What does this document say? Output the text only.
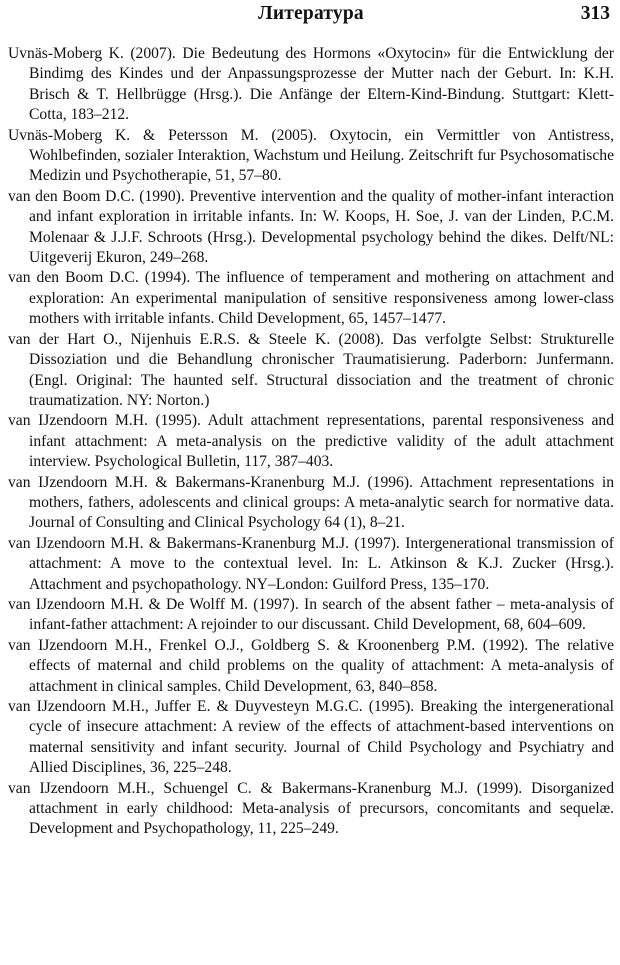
Литература	313
Uvnäs-Moberg K. (2007). Die Bedeutung des Hormons «Oxytocin» für die Entwicklung der Bindimg des Kindes und der Anpassungsprozesse der Mutter nach der Geburt. In: K.H. Brisch & T. Hellbrügge (Hrsg.). Die Anfänge der Eltern-Kind-Bindung. Stuttgart: Klett-Cotta, 183–212.
Uvnäs-Moberg K. & Petersson M. (2005). Oxytocin, ein Vermittler von Antistress, Wohlbefinden, sozialer Interaktion, Wachstum und Heilung. Zeitschrift fur Psychosomatische Medizin und Psychotherapie, 51, 57–80.
van den Boom D.C. (1990). Preventive intervention and the quality of mother-infant interaction and infant exploration in irritable infants. In: W. Koops, H. Soe, J. van der Linden, P.C.M. Molenaar & J.J.F. Schroots (Hrsg.). Developmental psychology behind the dikes. Delft/NL: Uitgeverij Ekuron, 249–268.
van den Boom D.C. (1994). The influence of temperament and mothering on attachment and exploration: An experimental manipulation of sensitive responsiveness among lower-class mothers with irritable infants. Child Development, 65, 1457–1477.
van der Hart O., Nijenhuis E.R.S. & Steele K. (2008). Das verfolgte Selbst: Strukturelle Dissoziation und die Behandlung chronischer Traumatisierung. Paderborn: Junfermann. (Engl. Original: The haunted self. Structural dissociation and the treatment of chronic traumatization. NY: Norton.)
van IJzendoorn M.H. (1995). Adult attachment representations, parental responsiveness and infant attachment: A meta-analysis on the predictive validity of the adult attachment interview. Psychological Bulletin, 117, 387–403.
van IJzendoorn M.H. & Bakermans-Kranenburg M.J. (1996). Attachment representations in mothers, fathers, adolescents and clinical groups: A meta-analytic search for normative data. Journal of Consulting and Clinical Psychology 64 (1), 8–21.
van IJzendoorn M.H. & Bakermans-Kranenburg M.J. (1997). Intergenerational transmission of attachment: A move to the contextual level. In: L. Atkinson & K.J. Zucker (Hrsg.). Attachment and psychopathology. NY–London: Guilford Press, 135–170.
van IJzendoorn M.H. & De Wolff M. (1997). In search of the absent father – meta-analysis of infant-father attachment: A rejoinder to our discussant. Child Development, 68, 604–609.
van IJzendoorn M.H., Frenkel O.J., Goldberg S. & Kroonenberg P.M. (1992). The relative effects of maternal and child problems on the quality of attachment: A meta-analysis of attachment in clinical samples. Child Development, 63, 840–858.
van IJzendoorn M.H., Juffer E. & Duyvesteyn M.G.C. (1995). Breaking the intergenerational cycle of insecure attachment: A review of the effects of attachment-based interventions on maternal sensitivity and infant security. Journal of Child Psychology and Psychiatry and Allied Disciplines, 36, 225–248.
van IJzendoorn M.H., Schuengel C. & Bakermans-Kranenburg M.J. (1999). Disorganized attachment in early childhood: Meta-analysis of precursors, concomitants and sequelæ. Development and Psychopathology, 11, 225–249.
